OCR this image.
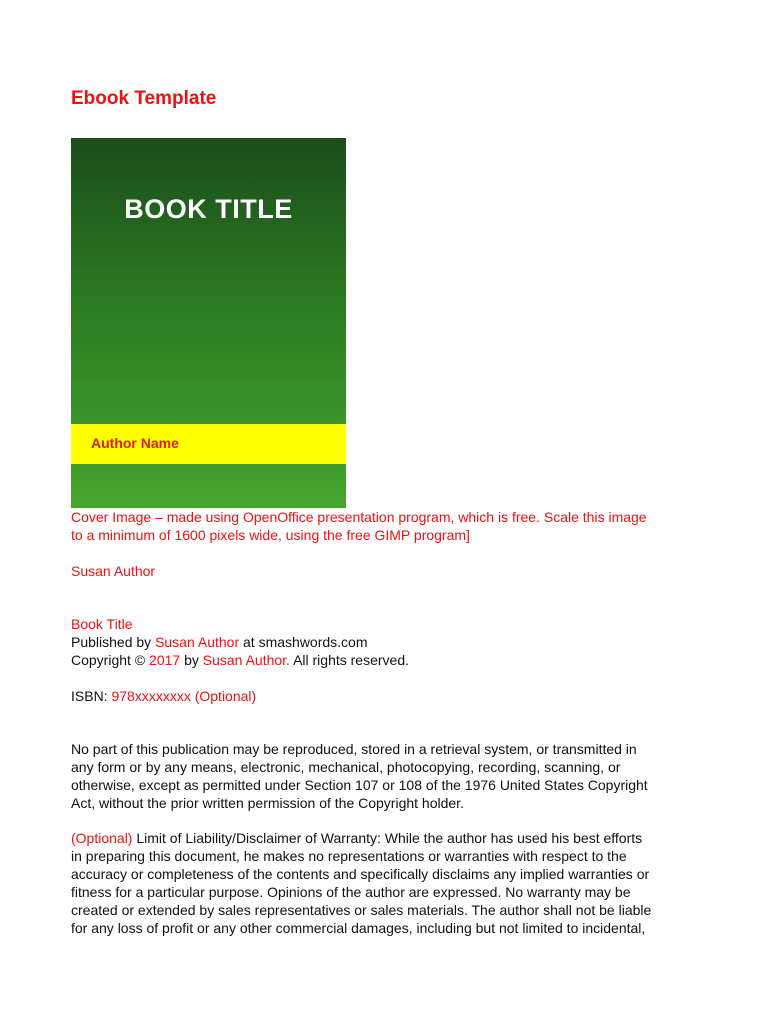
Ebook Template
BOOK TITLE
Author Name
Cover Image – made using OpenOffice presentation program, which is free. Scale this image
to a minimum of 1600 pixels wide, using the free GIMP program]
Susan Author
Book Title
Published by Susan Author at smashwords.com
Copyright © 2017 by Susan Author. All rights reserved.
ISBN: 978xxxxxxxx (Optional)
No part of this publication may be reproduced, stored in a retrieval system, or transmitted in
any form or by any means, electronic, mechanical, photocopying, recording, scanning, or
otherwise, except as permitted under Section 107 or 108 of the 1976 United States Copyright
Act, without the prior written permission of the Copyright holder.
(Optional) Limit of Liability/Disclaimer of Warranty: While the author has used his best efforts
in preparing this document, he makes no representations or warranties with respect to the
accuracy or completeness of the contents and specifically disclaims any implied warranties or
fitness for a particular purpose. Opinions of the author are expressed. No warranty may be
created or extended by sales representatives or sales materials. The author shall not be liable
for any loss of profit or any other commercial damages, including but not limited to incidental,
